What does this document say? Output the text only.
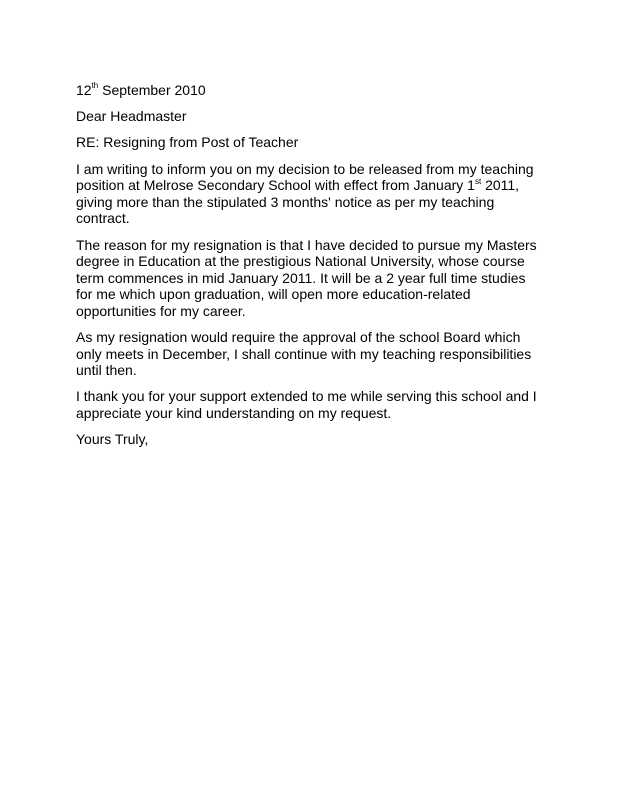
12th September 2010

Dear Headmaster

RE: Resigning from Post of Teacher

I am writing to inform you on my decision to be released from my teaching
position at Melrose Secondary School with effect from January 1st 2011,
giving more than the stipulated 3 months' notice as per my teaching
contract.

The reason for my resignation is that I have decided to pursue my Masters
degree in Education at the prestigious National University, whose course
term commences in mid January 2011. It will be a 2 year full time studies
for me which upon graduation, will open more education-related
opportunities for my career.

As my resignation would require the approval of the school Board which
only meets in December, I shall continue with my teaching responsibilities
until then.

I thank you for your support extended to me while serving this school and I
appreciate your kind understanding on my request.

Yours Truly,
